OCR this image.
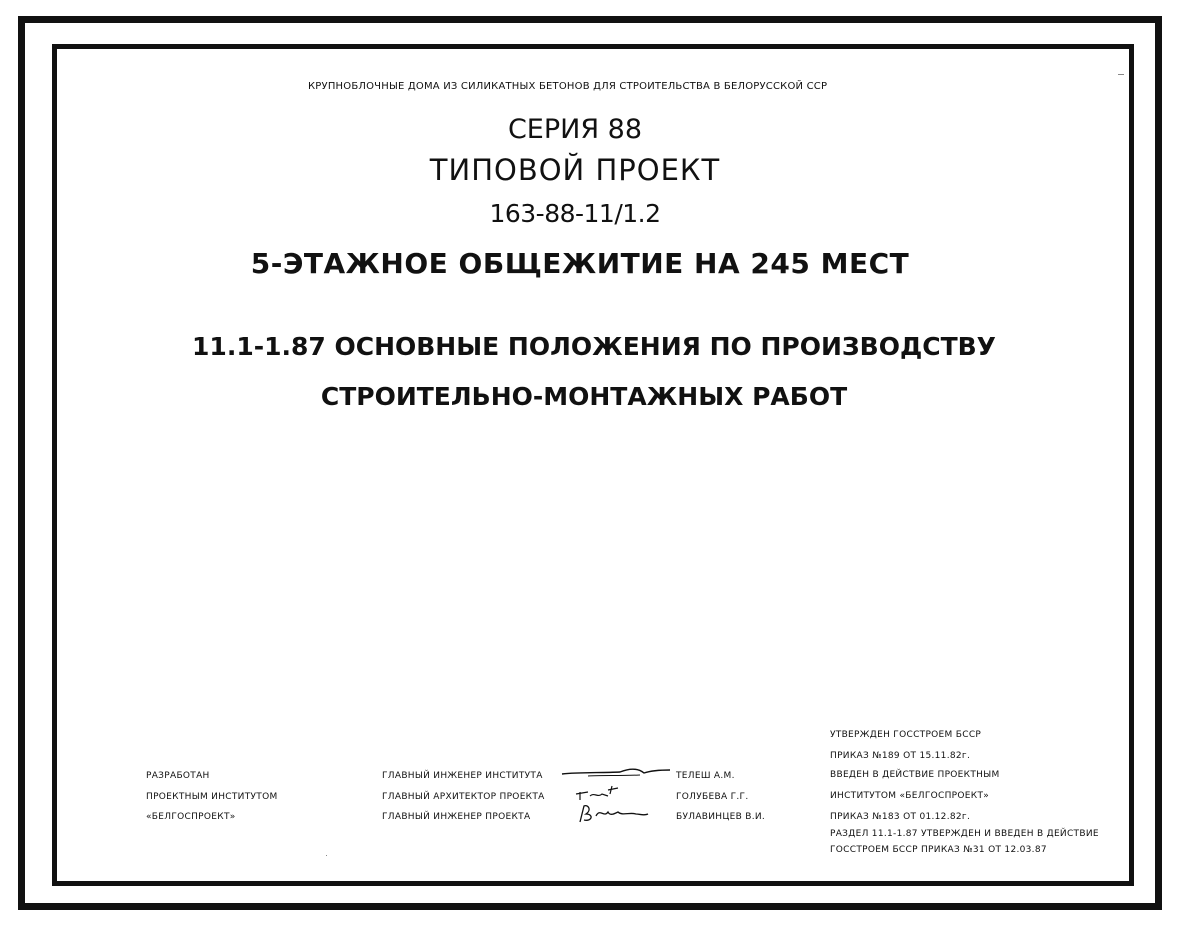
КРУПНОБЛОЧНЫЕ ДОМА ИЗ СИЛИКАТНЫХ БЕТОНОВ ДЛЯ СТРОИТЕЛЬСТВА В БЕЛОРУССКОЙ ССР
СЕРИЯ 88
ТИПОВОЙ ПРОЕКТ
163-88-11/1.2
5-ЭТАЖНОЕ ОБЩЕЖИТИЕ НА 245 МЕСТ
11.1-1.87 ОСНОВНЫЕ ПОЛОЖЕНИЯ ПО ПРОИЗВОДСТВУ
СТРОИТЕЛЬНО-МОНТАЖНЫХ РАБОТ
РАЗРАБОТАН
ПРОЕКТНЫМ ИНСТИТУТОМ
«БЕЛГОСПРОЕКТ»
ГЛАВНЫЙ ИНЖЕНЕР ИНСТИТУТА
ГЛАВНЫЙ АРХИТЕКТОР ПРОЕКТА
ГЛАВНЫЙ ИНЖЕНЕР ПРОЕКТА
ТЕЛЕШ А.М.
ГОЛУБЕВА Г.Г.
БУЛАВИНЦЕВ В.И.
УТВЕРЖДЕН ГОССТРОЕМ БССР
ПРИКАЗ №189 ОТ 15.11.82г.
ВВЕДЕН В ДЕЙСТВИЕ ПРОЕКТНЫМ
ИНСТИТУТОМ «БЕЛГОСПРОЕКТ»
ПРИКАЗ №183 ОТ 01.12.82г.
РАЗДЕЛ 11.1-1.87 УТВЕРЖДЕН И ВВЕДЕН В ДЕЙСТВИЕ
ГОССТРОЕМ БССР ПРИКАЗ №31 ОТ 12.03.87
